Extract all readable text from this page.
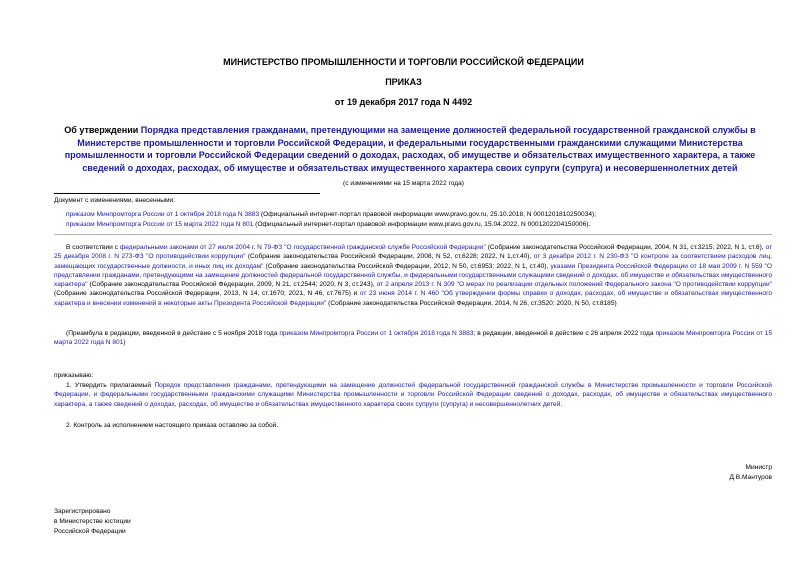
МИНИСТЕРСТВО ПРОМЫШЛЕННОСТИ И ТОРГОВЛИ РОССИЙСКОЙ ФЕДЕРАЦИИ
ПРИКАЗ
от 19 декабря 2017 года N 4492
Об утверждении Порядка представления гражданами, претендующими на замещение должностей федеральной государственной гражданской службы в Министерстве промышленности и торговли Российской Федерации, и федеральными государственными гражданскими служащими Министерства промышленности и торговли Российской Федерации сведений о доходах, расходах, об имуществе и обязательствах имущественного характера, а также сведений о доходах, расходах, об имуществе и обязательствах имущественного характера своих супруги (супруга) и несовершеннолетних детей
(с изменениями на 15 марта 2022 года)
Документ с изменениями, внесенными:
приказом Минпромторга России от 1 октября 2018 года N 3883 (Официальный интернет-портал правовой информации www.pravo.gov.ru, 25.10.2018, N 0001201810250034);
приказом Минпромторга России от 15 марта 2022 года N 801 (Официальный интернет-портал правовой информации www.pravo.gov.ru, 15.04.2022, N 0001202204150006).
В соответствии с федеральными законами от 27 июля 2004 г. N 79-ФЗ "О государственной гражданской службе Российской Федерации" (Собрание законодательства Российской Федерации, 2004, N 31, ст.3215; 2022, N 1, ст.6), от 25 декабря 2008 г. N 273-ФЗ "О противодействии коррупции" (Собрание законодательства Российской Федерации, 2008, N 52, ст.6228; 2022, N 1,ст.40), от 3 декабря 2012 г. N 230-ФЗ "О контроле за соответствием расходов лиц, замещающих государственные должности, и иных лиц их доходам" (Собрание законодательства Российской Федерации, 2012, N 50, ст.6953; 2022, N 1, ст.40), указами Президента Российской Федерации от 18 мая 2009 г. N 559 "О представлении гражданами, претендующими на замещение должностей федеральной государственной службы, и федеральными государственными служащими сведений о доходах, об имуществе и обязательствах имущественного характера" (Собрание законодательства Российской Федерации, 2009, N 21, ст.2544; 2020, N 3, ст.243), от 2 апреля 2013 г. N 309 "О мерах по реализации отдельных положений Федерального закона "О противодействии коррупции" (Собрание законодательства Российской Федерации, 2013, N 14, ст.1670; 2021, N 46, ст.7675) и от 23 июня 2014 г. N 460 "Об утверждении формы справки о доходах, расходах, об имуществе и обязательствах имущественного характера и внесении изменений в некоторые акты Президента Российской Федерации" (Собрание законодательства Российской Федерации, 2014, N 26, ст.3520; 2020, N 50, ст.8185)
(Преамбула в редакции, введенной в действие с 5 ноября 2018 года приказом Минпромторга России от 1 октября 2018 года N 3883; в редакции, введенной в действие с 26 апреля 2022 года приказом Минпромторга России от 15 марта 2022 года N 801)
приказываю:
1. Утвердить прилагаемый Порядок представления гражданами, претендующими на замещение должностей федеральной государственной гражданской службы в Министерстве промышленности и торговли Российской Федерации, и федеральными государственными гражданскими служащими Министерства промышленности и торговли Российской Федерации сведений о доходах, расходах, об имуществе и обязательствах имущественного характера, а также сведений о доходах, расходах, об имуществе и обязательствах имущественного характера своих супруги (супруга) и несовершеннолетних детей.
2. Контроль за исполнением настоящего приказа оставляю за собой.
Министр
Д.В.Мантуров
Зарегистрировано
в Министерстве юстиции
Российской Федерации
